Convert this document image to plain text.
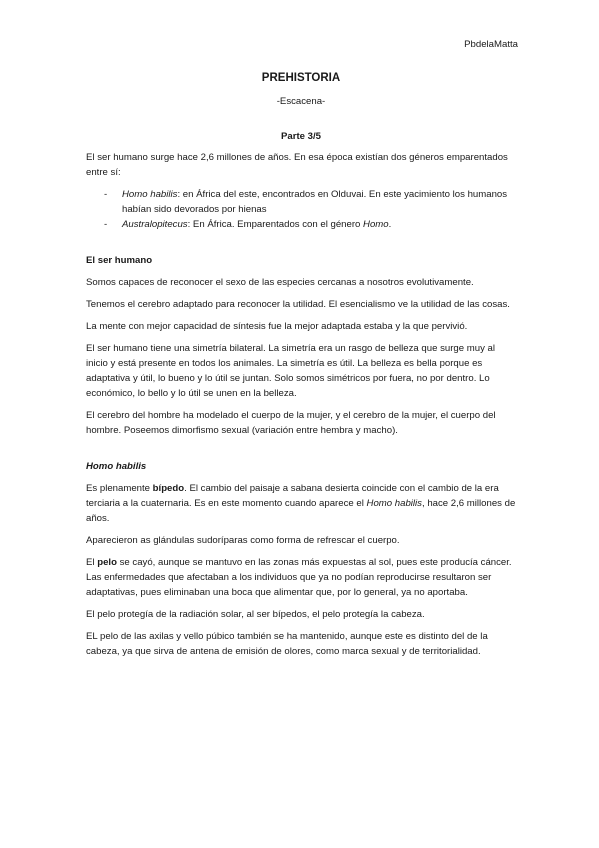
PbdelaMatta
PREHISTORIA
-Escacena-
Parte 3/5

El ser humano surge hace 2,6 millones de años. En esa época existían dos géneros emparentados entre sí:

- Homo habilis: en África del este, encontrados en Olduvai. En este yacimiento los humanos habían sido devorados por hienas
- Australopitecus: En África. Emparentados con el género Homo.
El ser humano

Somos capaces de reconocer el sexo de las especies cercanas a nosotros evolutivamente.

Tenemos el cerebro adaptado para reconocer la utilidad. El esencialismo ve la utilidad de las cosas.

La mente con mejor capacidad de síntesis fue la mejor adaptada estaba y la que pervivió.

El ser humano tiene una simetría bilateral. La simetría era un rasgo de belleza que surge muy al inicio y está presente en todos los animales. La simetría es útil. La belleza es bella porque es adaptativa y útil, lo bueno y lo útil se juntan. Solo somos simétricos por fuera, no por dentro. Lo económico, lo bello y lo útil se unen en la belleza.

El cerebro del hombre ha modelado el cuerpo de la mujer, y el cerebro de la mujer, el cuerpo del hombre. Poseemos dimorfismo sexual (variación entre hembra y macho).

Homo habilis

Es plenamente bípedo. El cambio del paisaje a sabana desierta coincide con el cambio de la era terciaria a la cuaternaria. Es en este momento cuando aparece el Homo habilis, hace 2,6 millones de años.

Aparecieron as glándulas sudoríparas como forma de refrescar el cuerpo.

El pelo se cayó, aunque se mantuvo en las zonas más expuestas al sol, pues este producía cáncer. Las enfermedades que afectaban a los individuos que ya no podían reproducirse resultaron ser adaptativas, pues eliminaban una boca que alimentar que, por lo general, ya no aportaba.

El pelo protegía de la radiación solar, al ser bípedos, el pelo protegía la cabeza.

EL pelo de las axilas y vello púbico también se ha mantenido, aunque este es distinto del de la cabeza, ya que sirva de antena de emisión de olores, como marca sexual y de territorialidad.
